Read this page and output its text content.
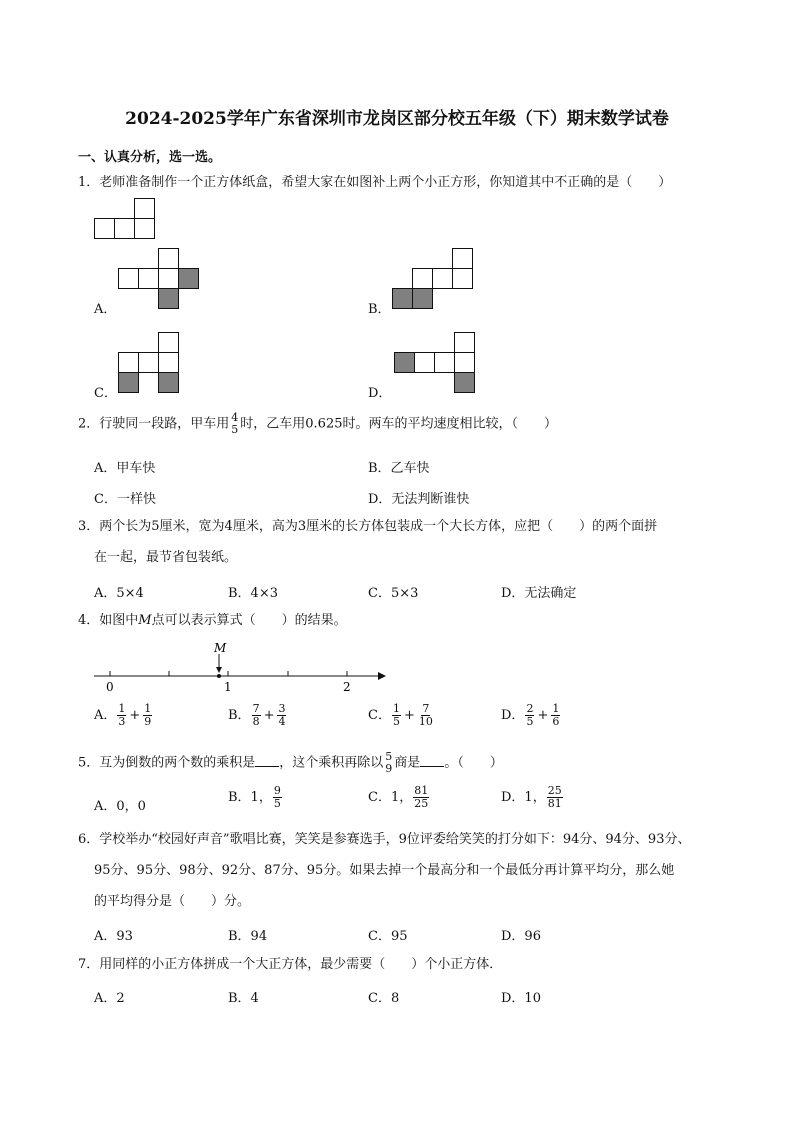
2024-2025学年广东省深圳市龙岗区部分校五年级（下）期末数学试卷
一、认真分析，选一选。
1．老师准备制作一个正方体纸盒，希望大家在如图补上两个小正方形，你知道其中不正确的是（　　）
A．	B．
C．	D．
2．行驶同一段路，甲车用 4
5 时，乙车用0.625时。两车的平均速度相比较，（　　）
A．甲车快	B．乙车快
C．一样快	D．无法判断谁快
3．两个长为5厘米，宽为4厘米，高为3厘米的长方体包装成一个大长方体，应把（　　）的两个面拼
在一起，最节省包装纸。
A．5×4	B．4×3	C．5×3	D．无法确定
4．如图中M点可以表示算式（　　）的结果。
M
0	1	2
A． $\frac{1}{3} + \frac{1}{9}$	B． $\frac{7}{8} + \frac{3}{4}$	C． $\frac{1}{5} + \frac{7}{10}$	D． $\frac{2}{5} + \frac{1}{6}$
5．互为倒数的两个数的乘积是 ，这个乘积再除以 5
9 商是 。（　　）
A．0，0
B．1， $\frac{9}{5}$	C．1， $\frac{81}{25}$	D．1， $\frac{25}{81}$
6．学校举办“校园好声音”歌唱比赛，笑笑是参赛选手，9位评委给笑笑的打分如下：94分、94分、93分、
95分、95分、98分、92分、87分、95分。如果去掉一个最高分和一个最低分再计算平均分，那么她
的平均得分是（　　）分。
A．93	B．94	C．95	D．96
7．用同样的小正方体拼成一个大正方体，最少需要（　　）个小正方体．
A．2	B．4	C．8	D．10
